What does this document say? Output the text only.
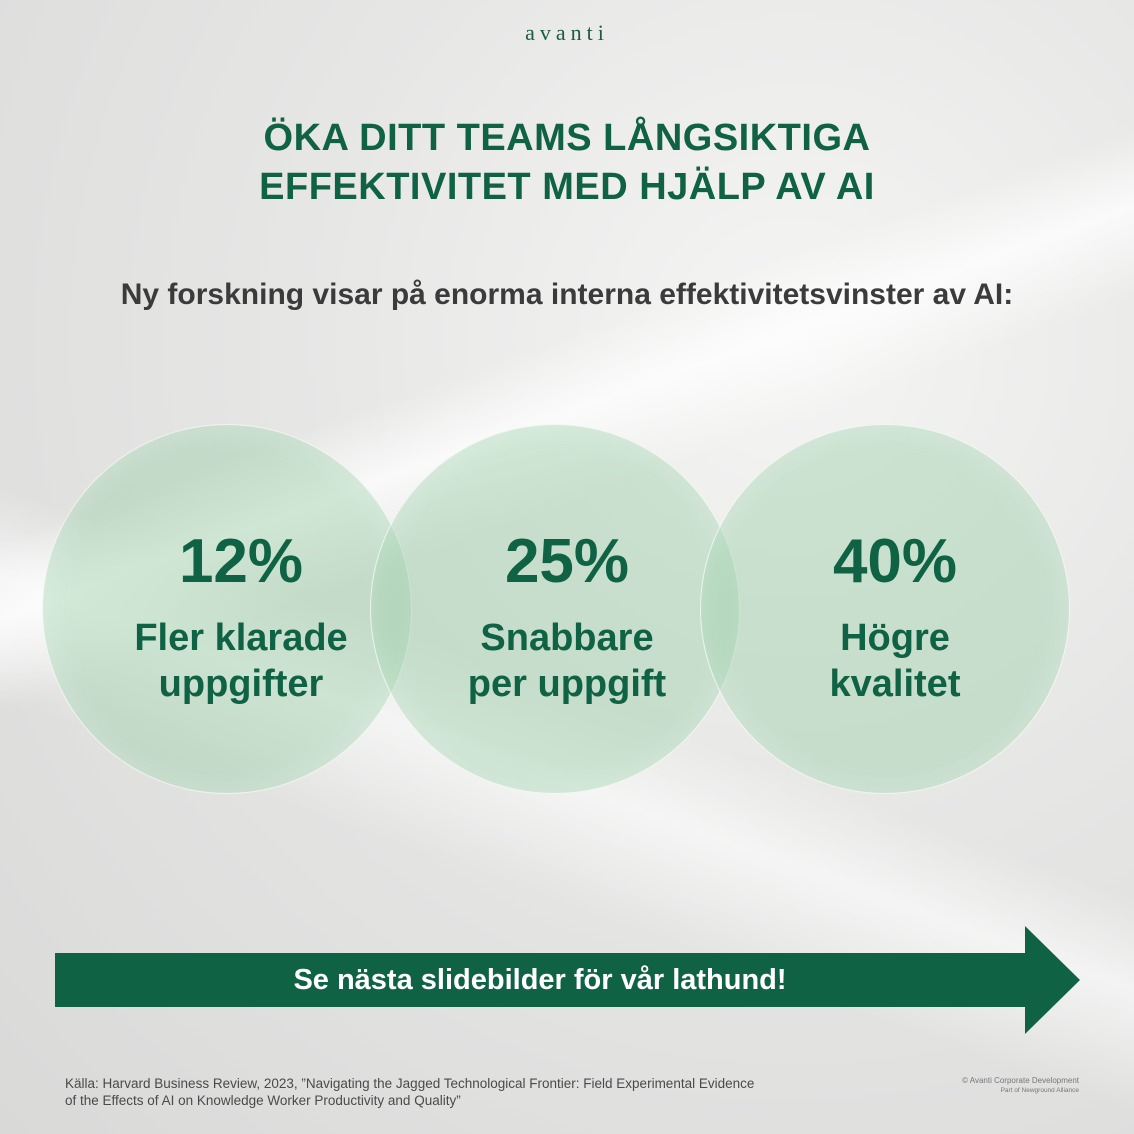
avanti
ÖKA DITT TEAMS LÅNGSIKTIGA
EFFEKTIVITET MED HJÄLP AV AI
Ny forskning visar på enorma interna effektivitetsvinster av AI:
12%
Fler klarade
uppgifter
25%
Snabbare
per uppgift
40%
Högre
kvalitet
Se nästa slidebilder för vår lathund!
Källa: Harvard Business Review, 2023, ”Navigating the Jagged Technological Frontier: Field Experimental Evidence
of the Effects of AI on Knowledge Worker Productivity and Quality”
© Avanti Corporate Development
Part of Newground Alliance
